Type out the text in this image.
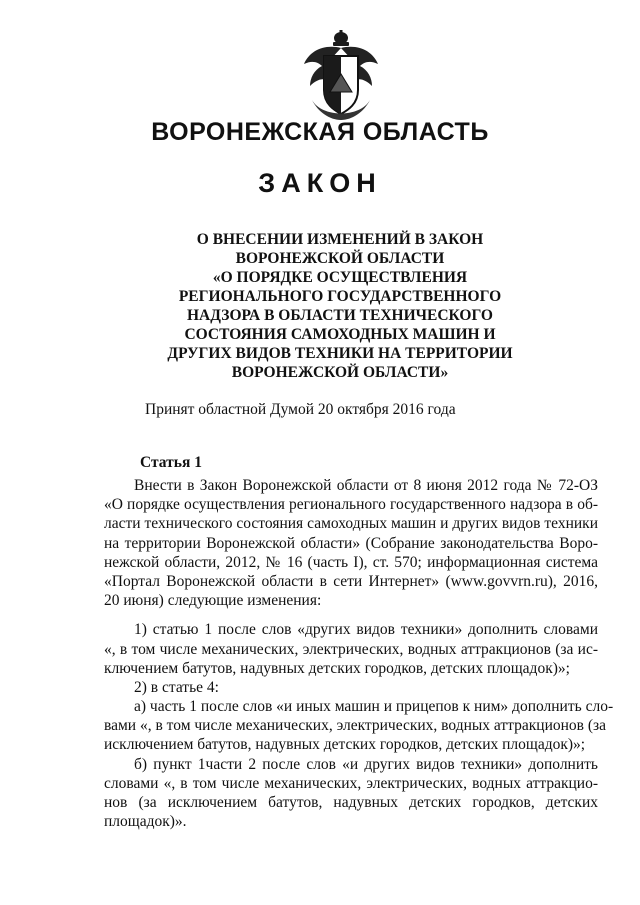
ВОРОНЕЖСКАЯ ОБЛАСТЬ
ЗАКОН
О ВНЕСЕНИИ ИЗМЕНЕНИЙ В ЗАКОН
ВОРОНЕЖСКОЙ ОБЛАСТИ
«О ПОРЯДКЕ ОСУЩЕСТВЛЕНИЯ
РЕГИОНАЛЬНОГО ГОСУДАРСТВЕННОГО
НАДЗОРА В ОБЛАСТИ ТЕХНИЧЕСКОГО
СОСТОЯНИЯ САМОХОДНЫХ МАШИН И
ДРУГИХ ВИДОВ ТЕХНИКИ НА ТЕРРИТОРИИ
ВОРОНЕЖСКОЙ ОБЛАСТИ»
Принят областной Думой 20 октября 2016 года
Статья 1
Внести в Закон Воронежской области от 8 июня 2012 года № 72-ОЗ
«О порядке осуществления регионального государственного надзора в об-
ласти технического состояния самоходных машин и других видов техники
на территории Воронежской области» (Собрание законодательства Воро-
нежской области, 2012, № 16 (часть I), ст. 570; информационная система
«Портал Воронежской области в сети Интернет» (www.govvrn.ru), 2016,
20 июня) следующие изменения:
1) статью 1 после слов «других видов техники» дополнить словами
«, в том числе механических, электрических, водных аттракционов (за ис-
ключением батутов, надувных детских городков, детских площадок)»;
2) в статье 4:
а) часть 1 после слов «и иных машин и прицепов к ним» дополнить сло-
вами «, в том числе механических, электрических, водных аттракционов (за
исключением батутов, надувных детских городков, детских площадок)»;
б) пункт 1части 2 после слов «и других видов техники» дополнить
словами «, в том числе механических, электрических, водных аттракцио-
нов (за исключением батутов, надувных детских городков, детских
площадок)».
